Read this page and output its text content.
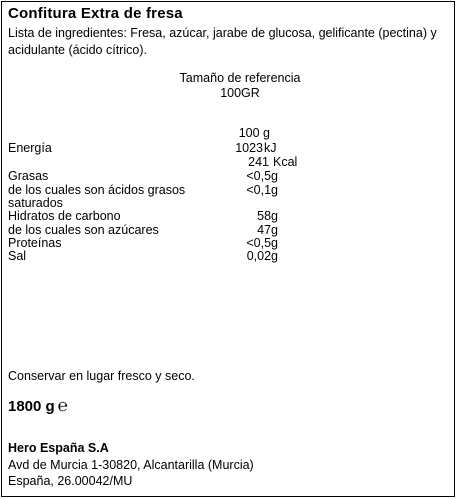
Confitura Extra de fresa
Lista de ingredientes: Fresa, azúcar, jarabe de glucosa, gelificante (pectina) y acidulante (ácido cítrico).
Tamaño de referencia
100GR
100 g
Energía	1023 kJ
241 Kcal
Grasas	<0,5g
de los cuales son ácidos grasos	<0,1g
saturados
Hidratos de carbono	58g
de los cuales son azúcares	47g
Proteínas	<0,5g
Sal	0,02g
Conservar en lugar fresco y seco.
1800 g ℮
Hero España S.A
Avd de Murcia 1-30820, Alcantarilla (Murcia)
España, 26.00042/MU
